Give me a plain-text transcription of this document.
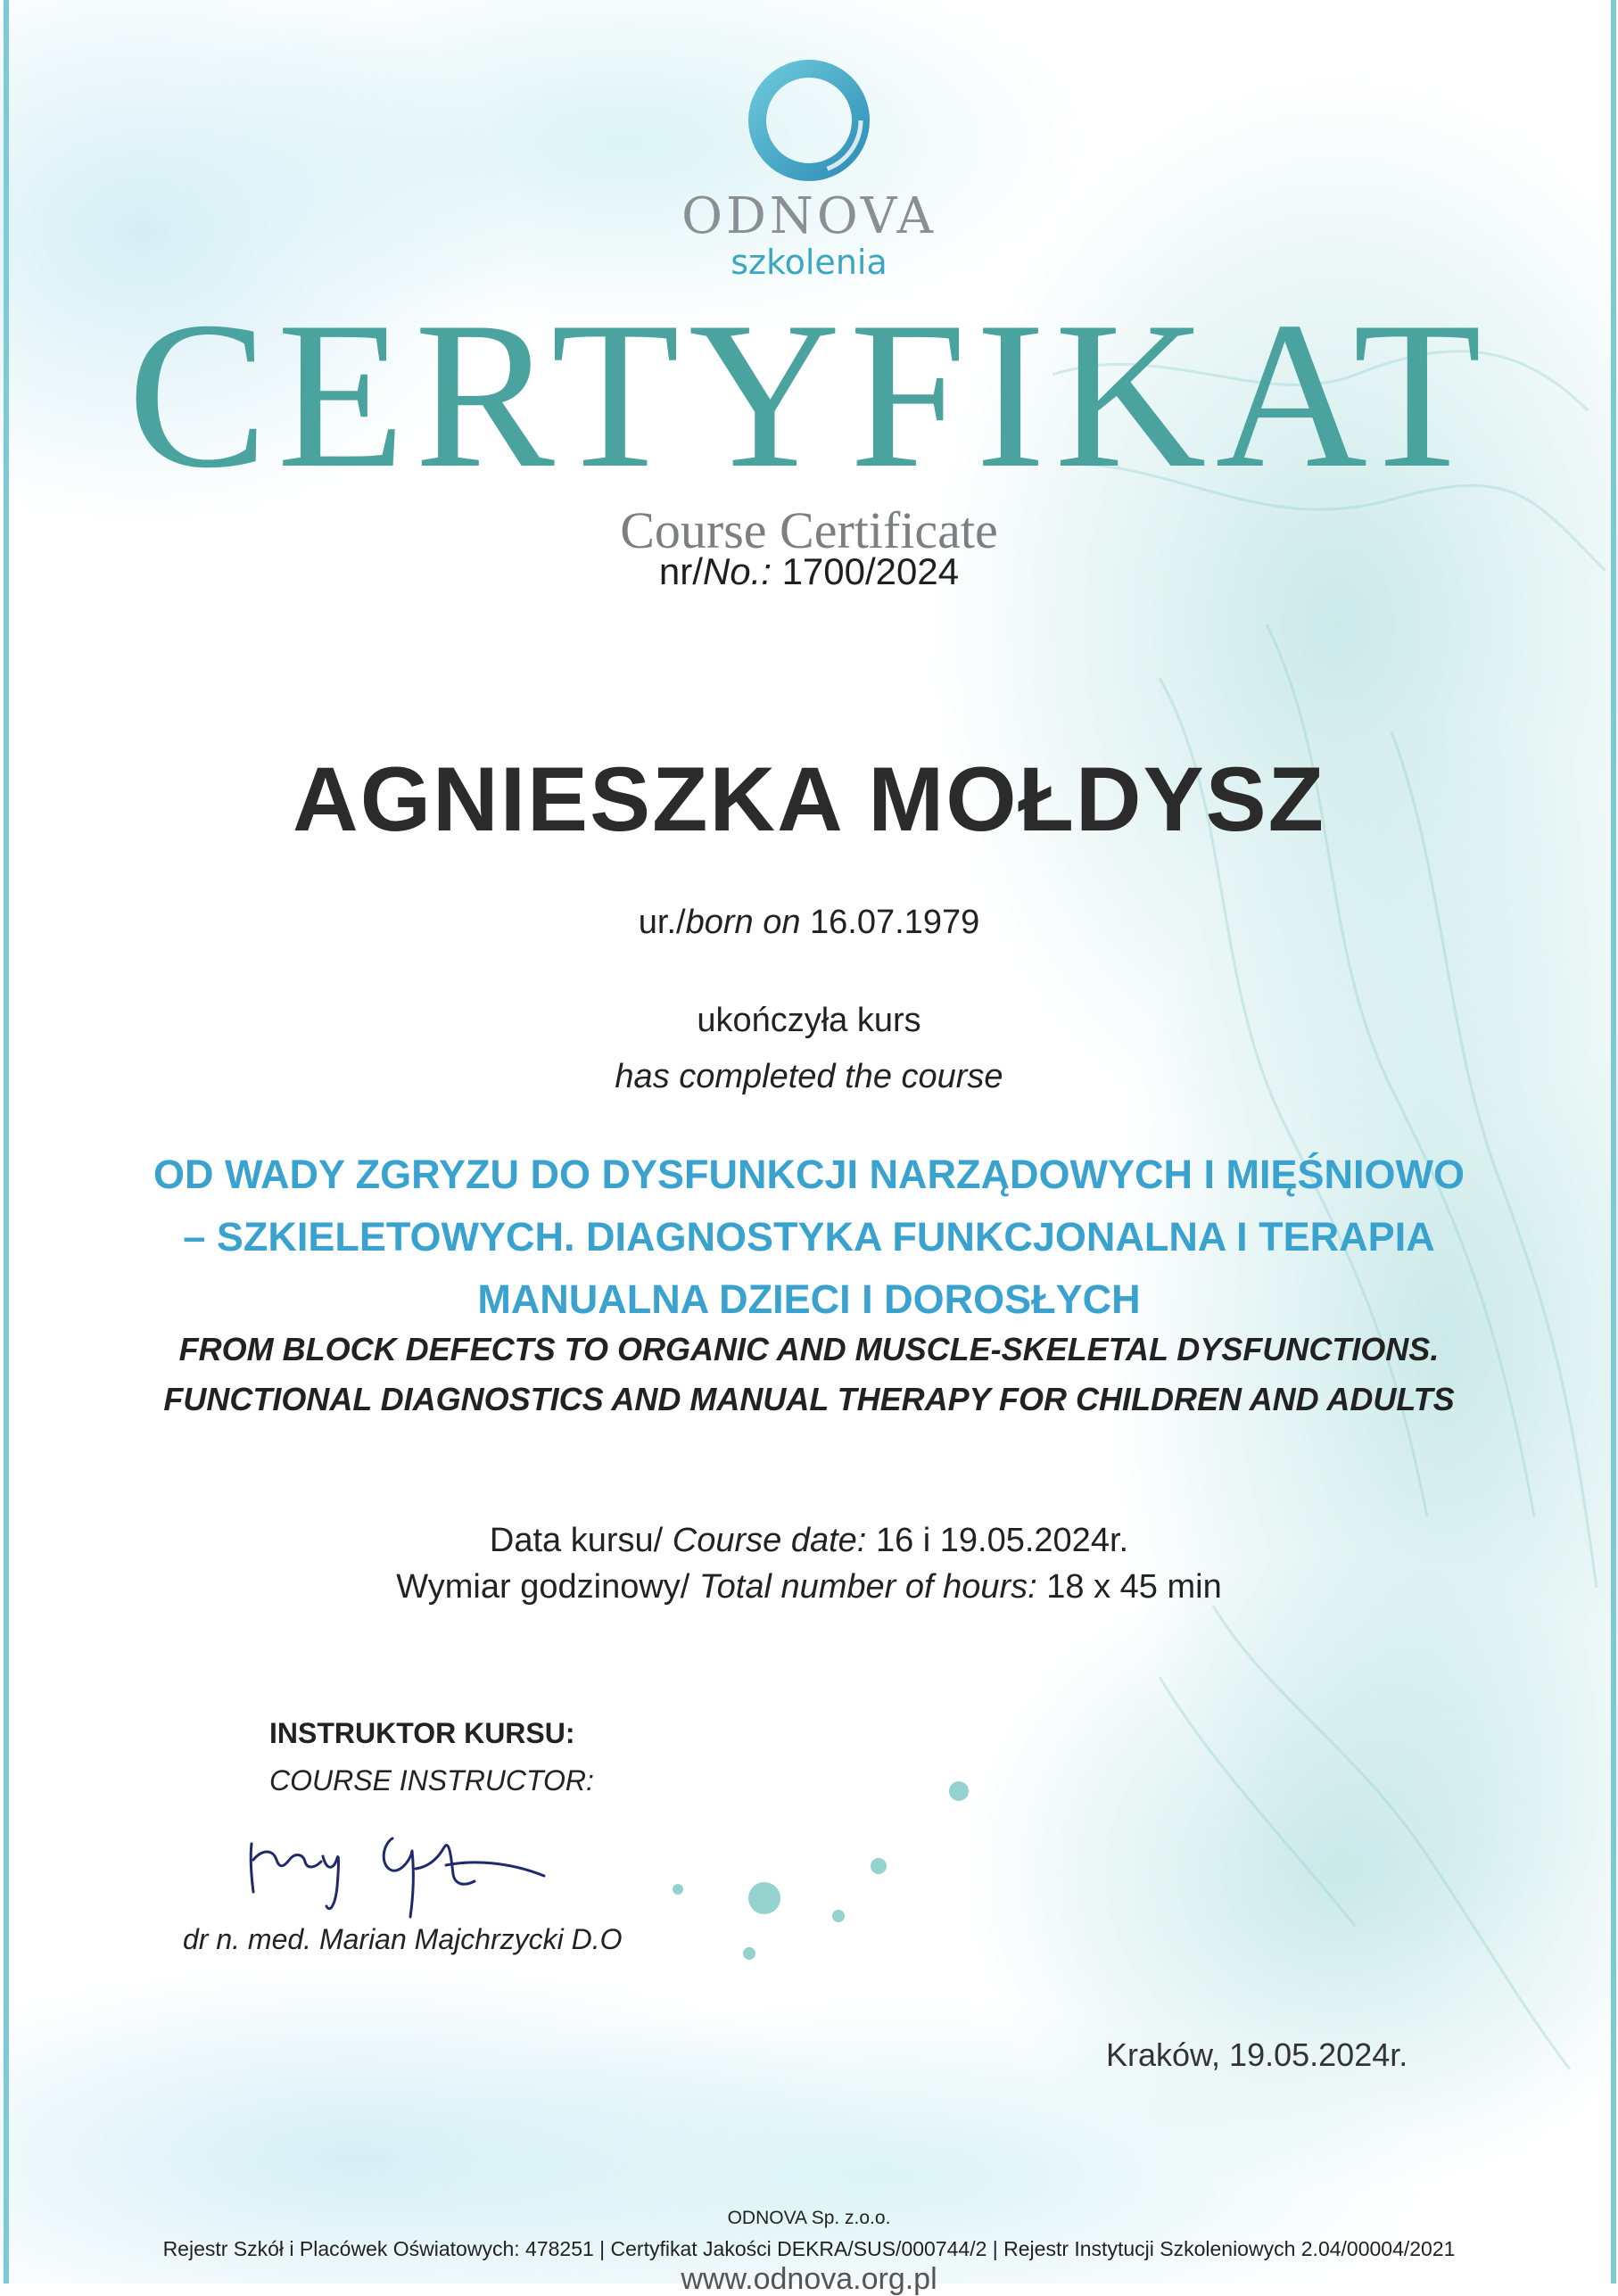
ODNOVA
szkolenia
CERTYFIKAT
Course Certificate
nr/No.: 1700/2024
AGNIESZKA MOŁDYSZ
ur./born on 16.07.1979
ukończyła kurs
has completed the course
OD WADY ZGRYZU DO DYSFUNKCJI NARZĄDOWYCH I MIĘŚNIOWO – SZKIELETOWYCH. DIAGNOSTYKA FUNKCJONALNA I TERAPIA MANUALNA DZIECI I DOROSŁYCH
FROM BLOCK DEFECTS TO ORGANIC AND MUSCLE-SKELETAL DYSFUNCTIONS. FUNCTIONAL DIAGNOSTICS AND MANUAL THERAPY FOR CHILDREN AND ADULTS
Data kursu/ Course date: 16 i 19.05.2024r.
Wymiar godzinowy/ Total number of hours: 18 x 45 min
INSTRUKTOR KURSU:
COURSE INSTRUCTOR:
dr n. med. Marian Majchrzycki D.O
Kraków, 19.05.2024r.
ODNOVA Sp. z.o.o.
Rejestr Szkół i Placówek Oświatowych: 478251 | Certyfikat Jakości DEKRA/SUS/000744/2 | Rejestr Instytucji Szkoleniowych 2.04/00004/2021
www.odnova.org.pl
